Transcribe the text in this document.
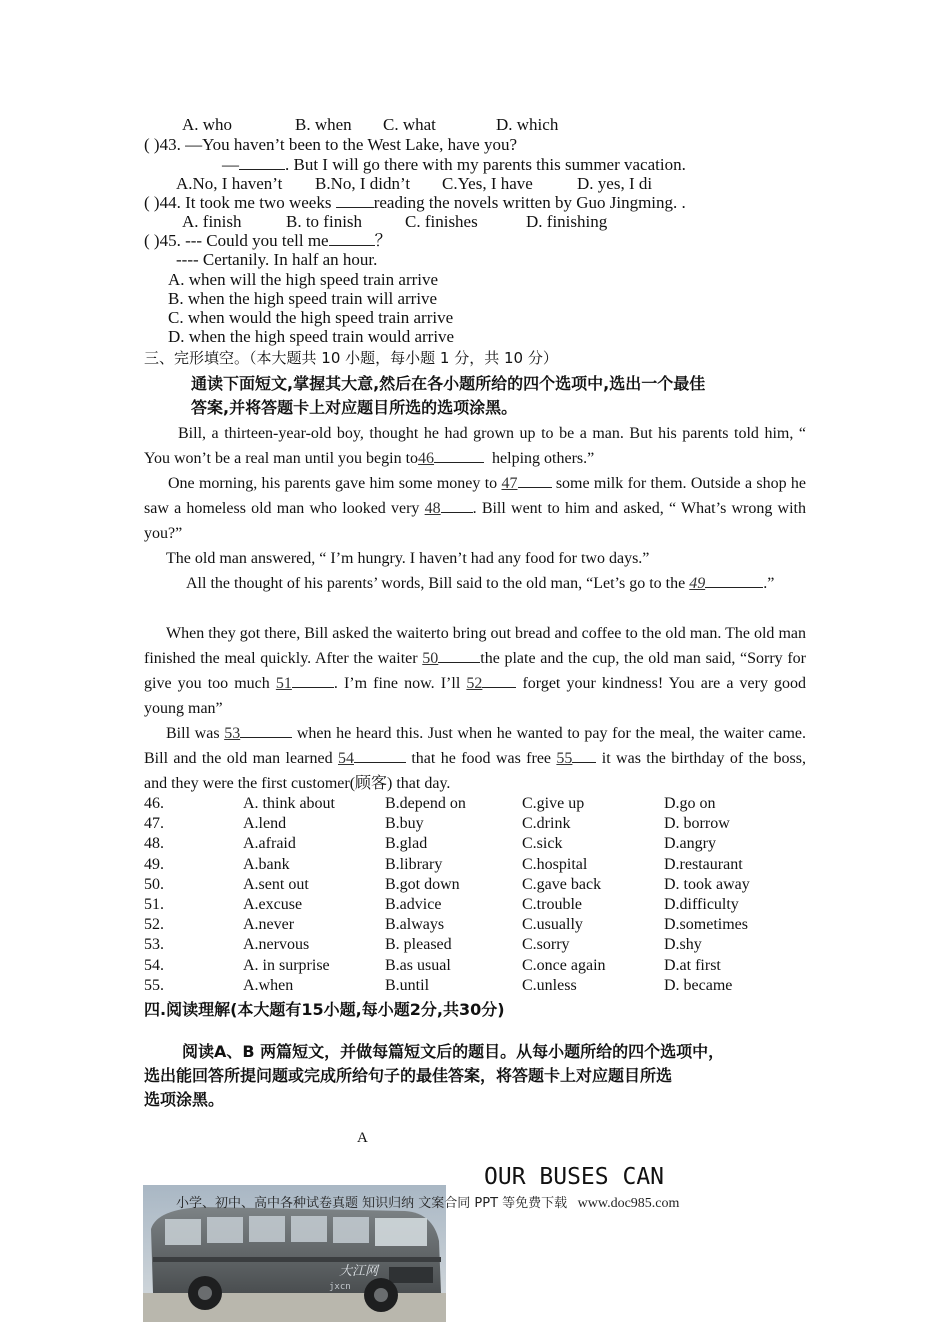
A. who	B. when C. what	D. which
( )43. —You haven’t been to the West Lake, have you?
—	. But I will go there with my parents this summer vacation.
A.No, I haven’t B.No, I didn’t C.Yes, I have	D. yes, I di
( )44. It took me two weeks reading the novels written by Guo Jingming. .
A. finish	B. to finish	C. finishes	D. finishing
( )45. --- Could you tell me	？
---- Certanily. In half an hour.
A. when will the high speed train arrive
B. when the high speed train will arrive
C. when would the high speed train arrive
D. when the high speed train would arrive
三、完形填空。（本大题共 10 小题，每小题 1 分，共 10 分）
通读下面短文,掌握其大意,然后在各小题所给的四个选项中,选出一个最佳
答案,并将答题卡上对应题目所选的选项涂黑。
Bill, a thirteen-year-old boy, thought he had grown up to be a man. But his parents told him, “ You won’t be a real man until you begin to46	helping others.”
One morning, his parents gave him some money to 47 some milk for them. Outside a shop he saw a homeless old man who looked very 48 . Bill went to him and asked, “ What’s wrong with you?”
The old man answered, “ I’m hungry. I haven’t had any food for two days.”
All the thought of his parents’ words, Bill said to the old man, “Let’s go to the 49	.”
When they got there, Bill asked the waiterto bring out bread and coffee to the old man. The old man finished the meal quickly. After the waiter 50	the plate and the cup, the old man said, “Sorry for give you too much 51	. I’m fine now. I’ll 52	forget your kindness! You are a very good young man”
Bill was 53	when he heard this. Just when he wanted to pay for the meal, the waiter came. Bill and the old man learned 54	that he food was free 55 it was the birthday of the boss, and they were the first customer(顾客) that day.
46.	A. think about	B.depend on	C.give up	D.go on
47.	A.lend	B.buy	C.drink	D. borrow
48.	A.afraid	B.glad	C.sick	D.angry
49.	A.bank	B.library	C.hospital	D.restaurant
50.	A.sent out	B.got down	C.gave back	D. took away
51.	A.excuse	B.advice	C.trouble	D.difficulty
52.	A.never	B.always	C.usually	D.sometimes
53.	A.nervous	B. pleased	C.sorry	D.shy
54.	A. in surprise	B.as usual	C.once again	D.at first
55.	A.when	B.until	C.unless	D. became
四.阅读理解(本大题有15小题,每小题2分,共30分)
阅读A、B 两篇短文，并做每篇短文后的题目。从每小题所给的四个选项中，
选出能回答所提问题或完成所给句子的最佳答案，将答题卡上对应题目所选
选项涂黑。
A
OUR BUSES CAN
大江网
jxcn
小学、初中、高中各种试卷真题 知识归纳 文案合同 PPT 等免费下载 www.doc985.com
